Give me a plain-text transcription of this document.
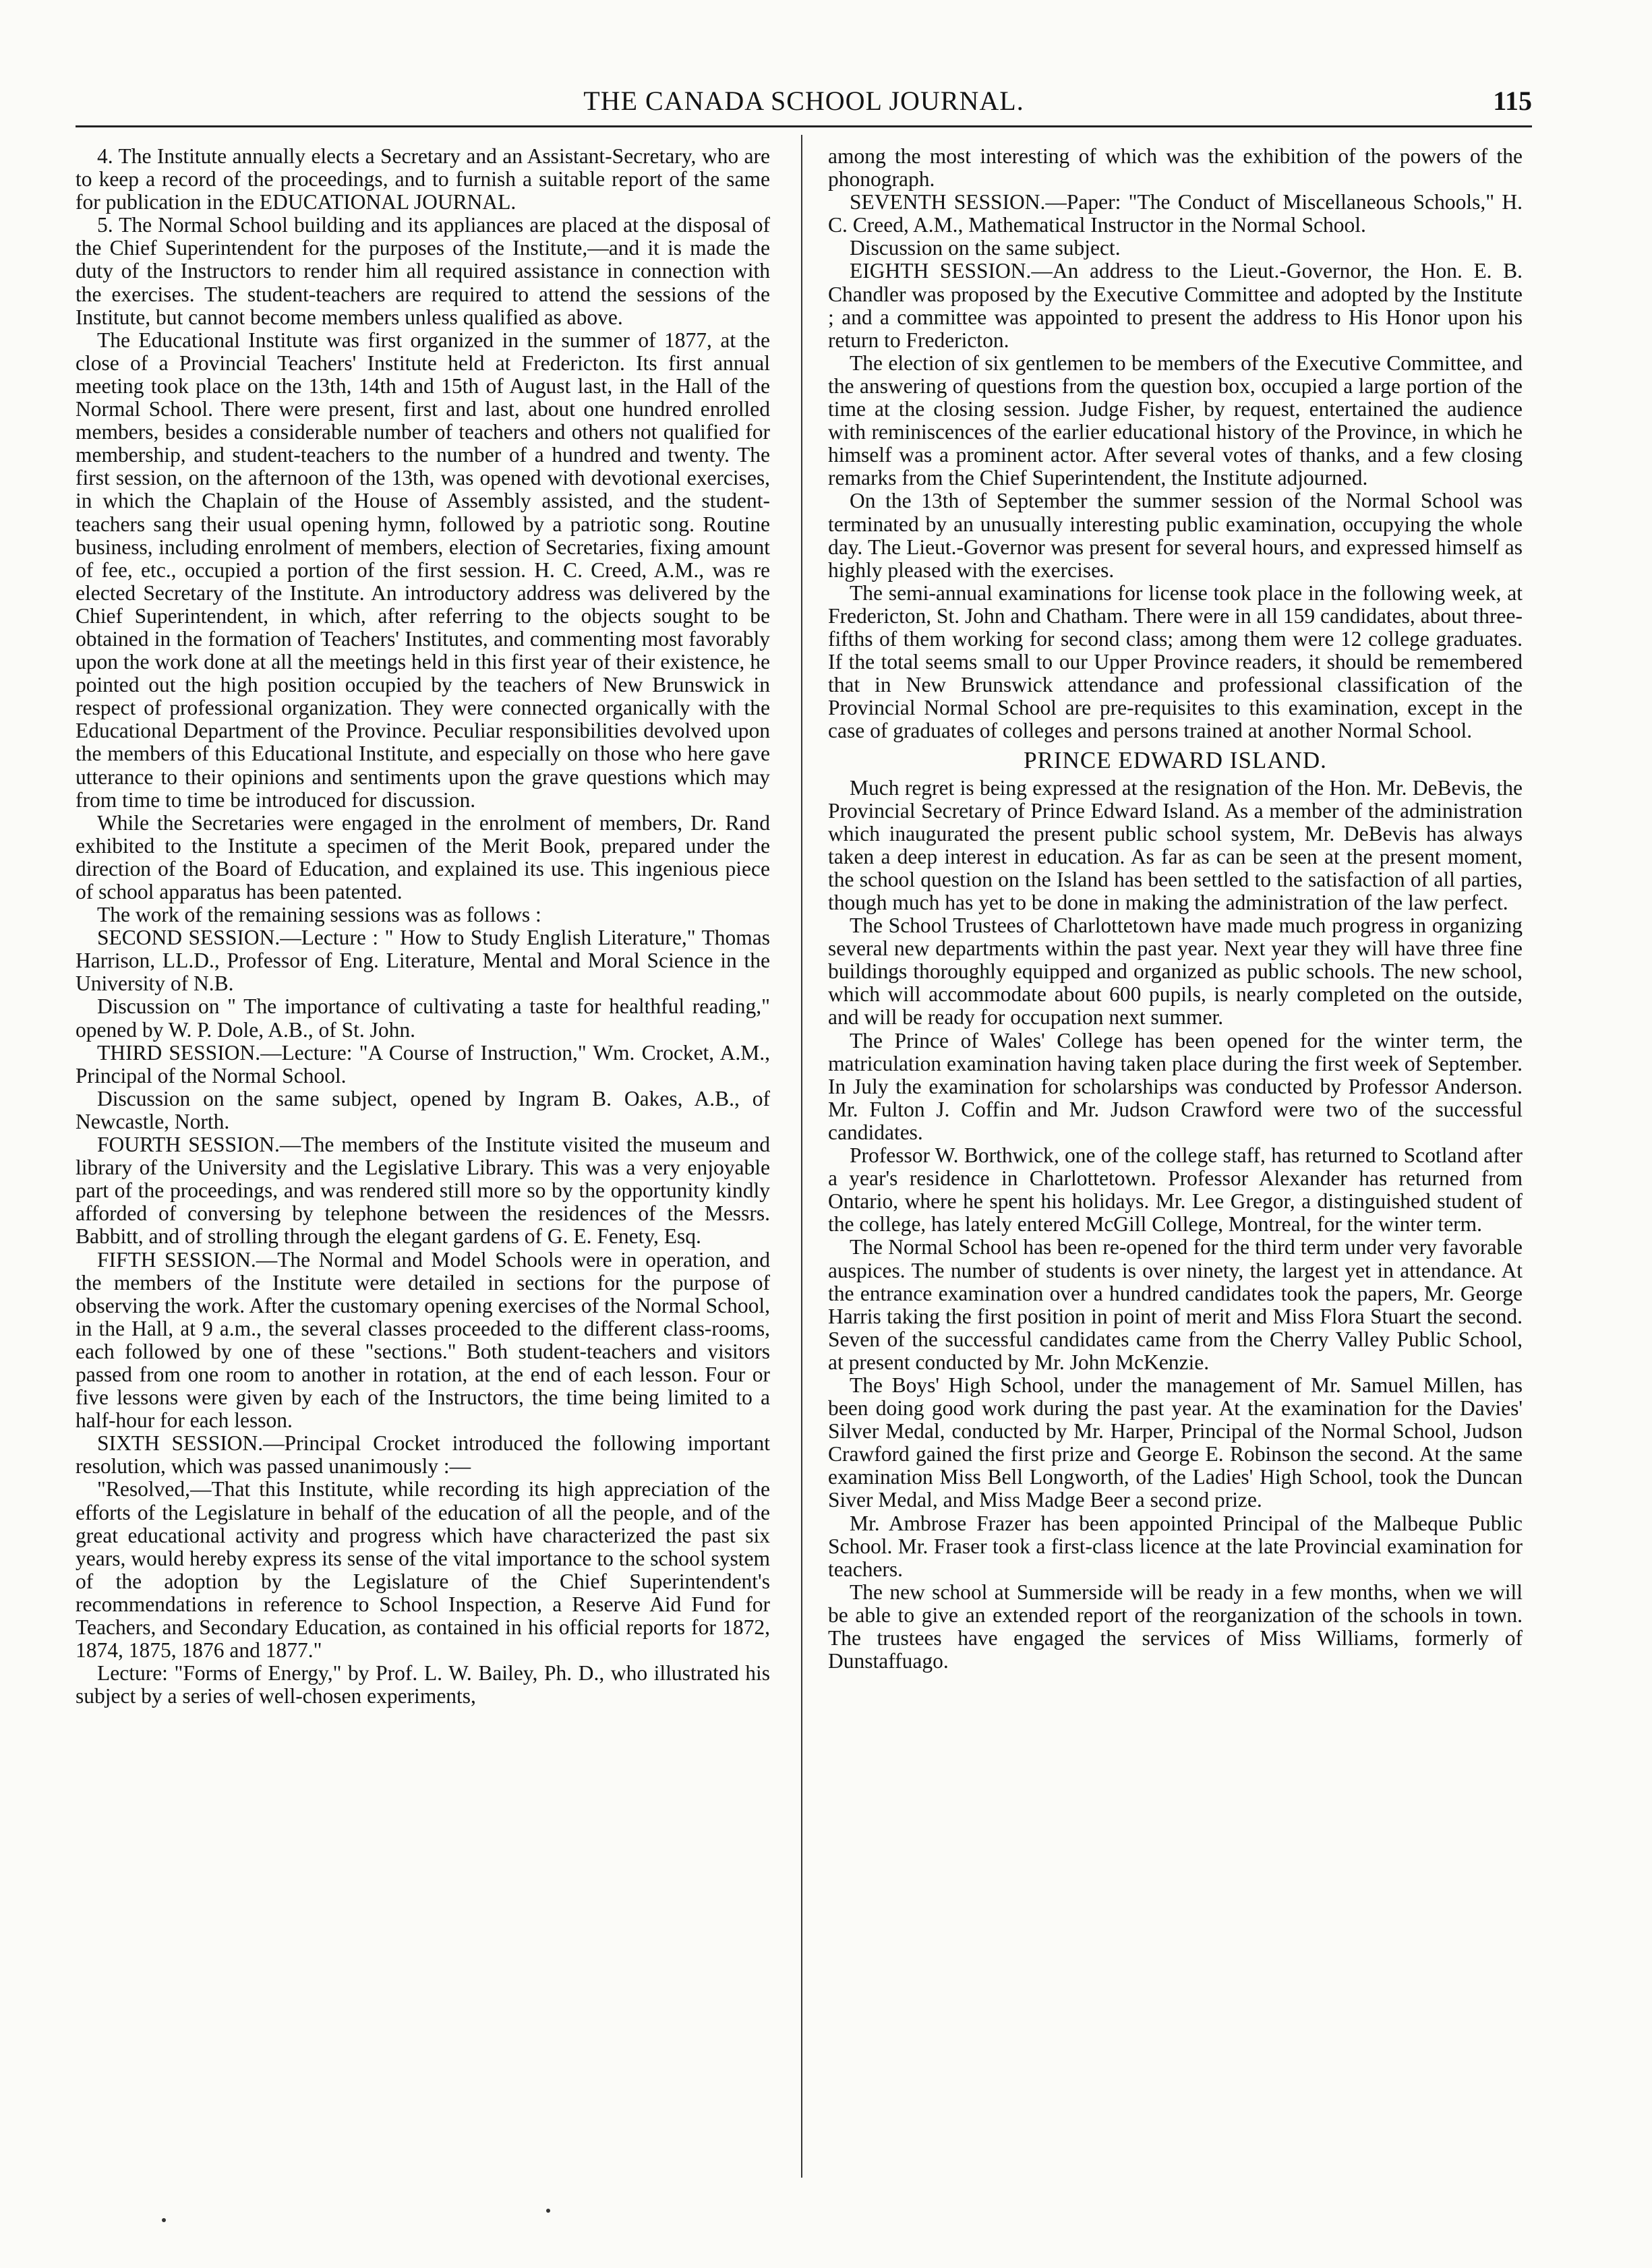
THE CANADA SCHOOL JOURNAL.	115

4. The Institute annually elects a Secretary and an Assistant-Secretary, who are to keep a record of the proceedings, and to furnish a suitable report of the same for publication in the EDUCATIONAL JOURNAL.

5. The Normal School building and its appliances are placed at the disposal of the Chief Superintendent for the purposes of the Institute,—and it is made the duty of the Instructors to render him all required assistance in connection with the exercises. The student-teachers are required to attend the sessions of the Institute, but cannot become members unless qualified as above.

The Educational Institute was first organized in the summer of 1877, at the close of a Provincial Teachers' Institute held at Fredericton. Its first annual meeting took place on the 13th, 14th and 15th of August last, in the Hall of the Normal School. There were present, first and last, about one hundred enrolled members, besides a considerable number of teachers and others not qualified for membership, and student-teachers to the number of a hundred and twenty. The first session, on the afternoon of the 13th, was opened with devotional exercises, in which the Chaplain of the House of Assembly assisted, and the student-teachers sang their usual opening hymn, followed by a patriotic song. Routine business, including enrolment of members, election of Secretaries, fixing amount of fee, etc., occupied a portion of the first session. H. C. Creed, A.M., was re elected Secretary of the Institute. An introductory address was delivered by the Chief Superintendent, in which, after referring to the objects sought to be obtained in the formation of Teachers' Institutes, and commenting most favorably upon the work done at all the meetings held in this first year of their existence, he pointed out the high position occupied by the teachers of New Brunswick in respect of professional organization. They were connected organically with the Educational Department of the Province. Peculiar responsibilities devolved upon the members of this Educational Institute, and especially on those who here gave utterance to their opinions and sentiments upon the grave questions which may from time to time be introduced for discussion.

While the Secretaries were engaged in the enrolment of members, Dr. Rand exhibited to the Institute a specimen of the Merit Book, prepared under the direction of the Board of Education, and explained its use. This ingenious piece of school apparatus has been patented.

The work of the remaining sessions was as follows :

SECOND SESSION.—Lecture : " How to Study English Literature," Thomas Harrison, LL.D., Professor of Eng. Literature, Mental and Moral Science in the University of N.B.

Discussion on " The importance of cultivating a taste for healthful reading," opened by W. P. Dole, A.B., of St. John.

THIRD SESSION.—Lecture: "A Course of Instruction," Wm. Crocket, A.M., Principal of the Normal School.

Discussion on the same subject, opened by Ingram B. Oakes, A.B., of Newcastle, North.

FOURTH SESSION.—The members of the Institute visited the museum and library of the University and the Legislative Library. This was a very enjoyable part of the proceedings, and was rendered still more so by the opportunity kindly afforded of conversing by telephone between the residences of the Messrs. Babbitt, and of strolling through the elegant gardens of G. E. Fenety, Esq.

FIFTH SESSION.—The Normal and Model Schools were in operation, and the members of the Institute were detailed in sections for the purpose of observing the work. After the customary opening exercises of the Normal School, in the Hall, at 9 a.m., the several classes proceeded to the different class-rooms, each followed by one of these "sections." Both student-teachers and visitors passed from one room to another in rotation, at the end of each lesson. Four or five lessons were given by each of the Instructors, the time being limited to a half-hour for each lesson.

SIXTH SESSION.—Principal Crocket introduced the following important resolution, which was passed unanimously :—

"Resolved,—That this Institute, while recording its high appreciation of the efforts of the Legislature in behalf of the education of all the people, and of the great educational activity and progress which have characterized the past six years, would hereby express its sense of the vital importance to the school system of the adoption by the Legislature of the Chief Superintendent's recommendations in reference to School Inspection, a Reserve Aid Fund for Teachers, and Secondary Education, as contained in his official reports for 1872, 1874, 1875, 1876 and 1877."

Lecture: "Forms of Energy," by Prof. L. W. Bailey, Ph. D., who illustrated his subject by a series of well-chosen experiments,

among the most interesting of which was the exhibition of the powers of the phonograph.

SEVENTH SESSION.—Paper: "The Conduct of Miscellaneous Schools," H. C. Creed, A.M., Mathematical Instructor in the Normal School.

Discussion on the same subject.

EIGHTH SESSION.—An address to the Lieut.-Governor, the Hon. E. B. Chandler was proposed by the Executive Committee and adopted by the Institute ; and a committee was appointed to present the address to His Honor upon his return to Fredericton.

The election of six gentlemen to be members of the Executive Committee, and the answering of questions from the question box, occupied a large portion of the time at the closing session. Judge Fisher, by request, entertained the audience with reminiscences of the earlier educational history of the Province, in which he himself was a prominent actor. After several votes of thanks, and a few closing remarks from the Chief Superintendent, the Institute adjourned.

On the 13th of September the summer session of the Normal School was terminated by an unusually interesting public examination, occupying the whole day. The Lieut.-Governor was present for several hours, and expressed himself as highly pleased with the exercises.

The semi-annual examinations for license took place in the following week, at Fredericton, St. John and Chatham. There were in all 159 candidates, about three-fifths of them working for second class; among them were 12 college graduates. If the total seems small to our Upper Province readers, it should be remembered that in New Brunswick attendance and professional classification of the Provincial Normal School are pre-requisites to this examination, except in the case of graduates of colleges and persons trained at another Normal School.

PRINCE EDWARD ISLAND.

Much regret is being expressed at the resignation of the Hon. Mr. DeBevis, the Provincial Secretary of Prince Edward Island. As a member of the administration which inaugurated the present public school system, Mr. DeBevis has always taken a deep interest in education. As far as can be seen at the present moment, the school question on the Island has been settled to the satisfaction of all parties, though much has yet to be done in making the administration of the law perfect.

The School Trustees of Charlottetown have made much progress in organizing several new departments within the past year. Next year they will have three fine buildings thoroughly equipped and organized as public schools. The new school, which will accommodate about 600 pupils, is nearly completed on the outside, and will be ready for occupation next summer.

The Prince of Wales' College has been opened for the winter term, the matriculation examination having taken place during the first week of September. In July the examination for scholarships was conducted by Professor Anderson. Mr. Fulton J. Coffin and Mr. Judson Crawford were two of the successful candidates.

Professor W. Borthwick, one of the college staff, has returned to Scotland after a year's residence in Charlottetown. Professor Alexander has returned from Ontario, where he spent his holidays. Mr. Lee Gregor, a distinguished student of the college, has lately entered McGill College, Montreal, for the winter term.

The Normal School has been re-opened for the third term under very favorable auspices. The number of students is over ninety, the largest yet in attendance. At the entrance examination over a hundred candidates took the papers, Mr. George Harris taking the first position in point of merit and Miss Flora Stuart the second. Seven of the successful candidates came from the Cherry Valley Public School, at present conducted by Mr. John McKenzie.

The Boys' High School, under the management of Mr. Samuel Millen, has been doing good work during the past year. At the examination for the Davies' Silver Medal, conducted by Mr. Harper, Principal of the Normal School, Judson Crawford gained the first prize and George E. Robinson the second. At the same examination Miss Bell Longworth, of the Ladies' High School, took the Duncan Siver Medal, and Miss Madge Beer a second prize.

Mr. Ambrose Frazer has been appointed Principal of the Malbeque Public School. Mr. Fraser took a first-class licence at the late Provincial examination for teachers.

The new school at Summerside will be ready in a few months, when we will be able to give an extended report of the reorganization of the schools in town. The trustees have engaged the services of Miss Williams, formerly of Dunstaffuago.
